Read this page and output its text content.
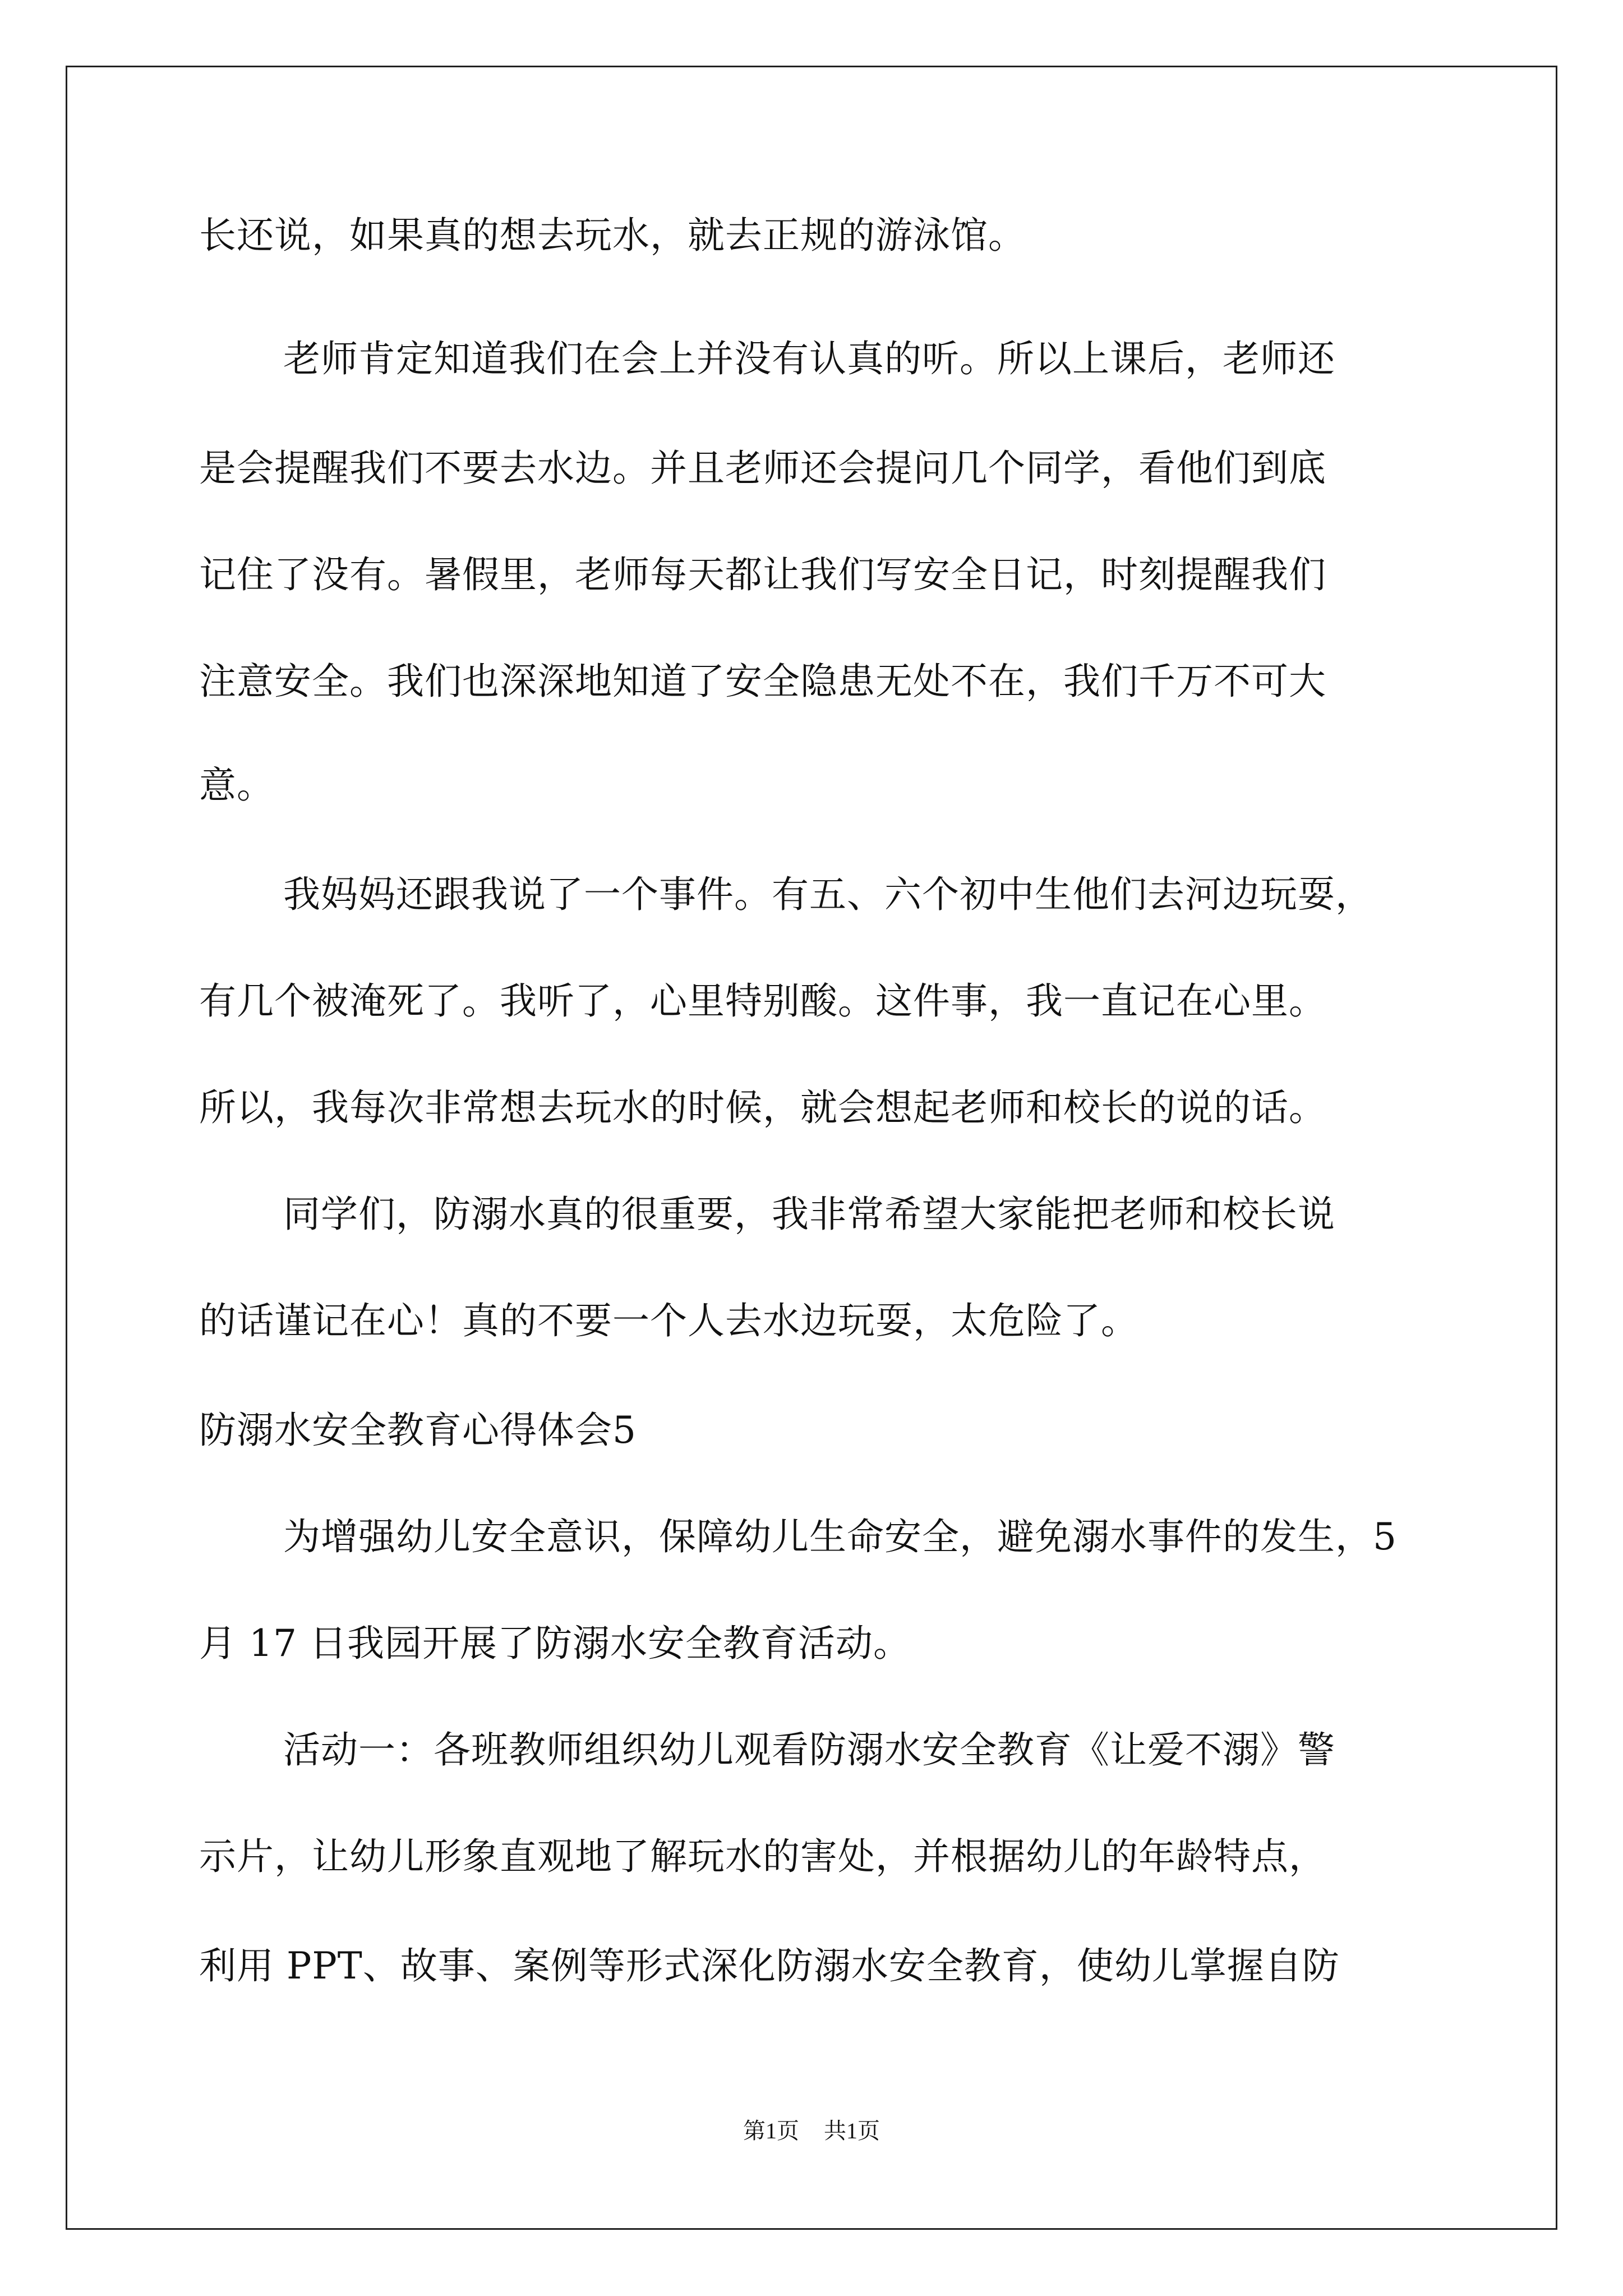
长还说，如果真的想去玩水，就去正规的游泳馆。
老师肯定知道我们在会上并没有认真的听。所以上课后，老师还
是会提醒我们不要去水边。并且老师还会提问几个同学，看他们到底
记住了没有。暑假里，老师每天都让我们写安全日记，时刻提醒我们
注意安全。我们也深深地知道了安全隐患无处不在，我们千万不可大
意。
我妈妈还跟我说了一个事件。有五、六个初中生他们去河边玩耍，
有几个被淹死了。我听了，心里特别酸。这件事，我一直记在心里。
所以，我每次非常想去玩水的时候，就会想起老师和校长的说的话。
同学们，防溺水真的很重要，我非常希望大家能把老师和校长说
的话谨记在心！真的不要一个人去水边玩耍，太危险了。
防溺水安全教育心得体会5
为增强幼儿安全意识，保障幼儿生命安全，避免溺水事件的发生，5
月 17 日我园开展了防溺水安全教育活动。
活动一：各班教师组织幼儿观看防溺水安全教育《让爱不溺》警
示片，让幼儿形象直观地了解玩水的害处，并根据幼儿的年龄特点，
利用 PPT、故事、案例等形式深化防溺水安全教育，使幼儿掌握自防
第1页 共1页
